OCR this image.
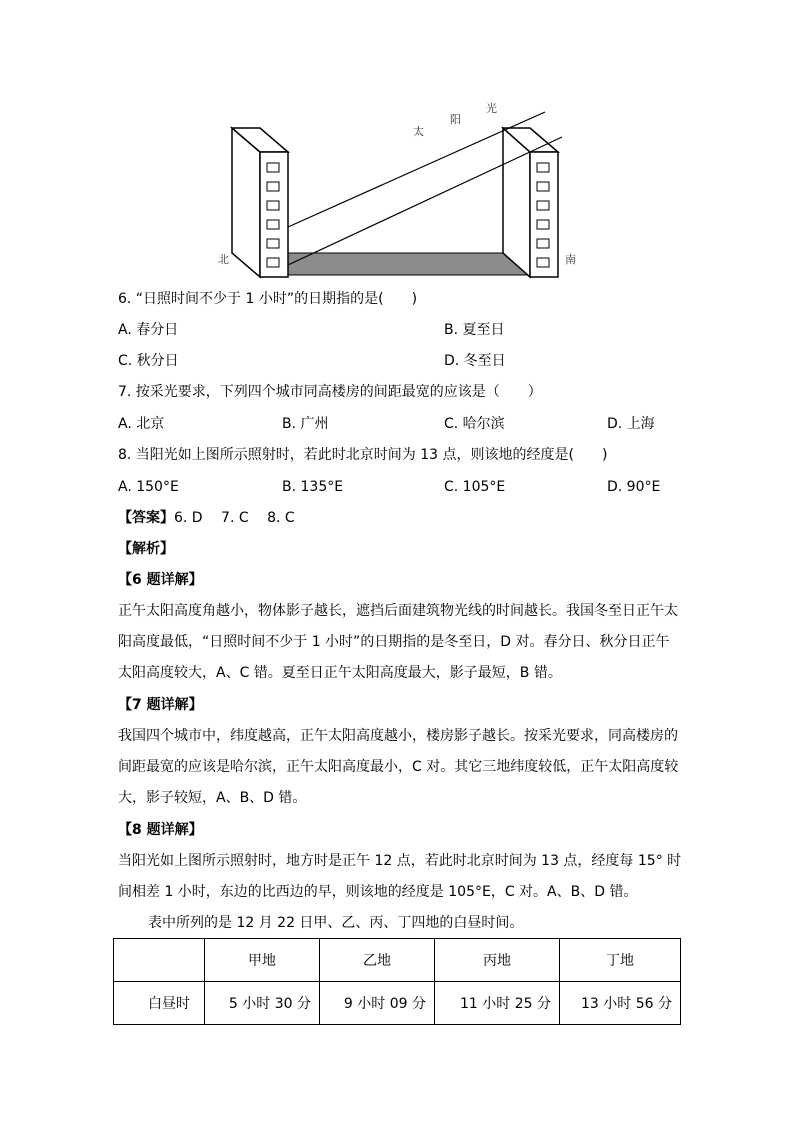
北	南
太
阳
光
6. “日照时间不少于 1 小时”的日期指的是(　　)
A. 春分日	B. 夏至日
C. 秋分日	D. 冬至日
7. 按采光要求，下列四个城市同高楼房的间距最宽的应该是（　　）
A. 北京	B. 广州	C. 哈尔滨	D. 上海
8. 当阳光如上图所示照射时，若此时北京时间为 13 点，则该地的经度是(　　)
A. 150°E	B. 135°E	C. 105°E	D. 90°E
【答案】6. D　 7. C　 8. C
【解析】
【6 题详解】
正午太阳高度角越小，物体影子越长，遮挡后面建筑物光线的时间越长。我国冬至日正午太阳高度最低，“日照时间不少于 1 小时”的日期指的是冬至日，D 对。春分日、秋分日正午太阳高度较大，A、C 错。夏至日正午太阳高度最大，影子最短，B 错。
【7 题详解】
我国四个城市中，纬度越高，正午太阳高度越小，楼房影子越长。按采光要求，同高楼房的间距最宽的应该是哈尔滨，正午太阳高度最小，C 对。其它三地纬度较低，正午太阳高度较大，影子较短，A、B、D 错。
【8 题详解】
当阳光如上图所示照射时，地方时是正午 12 点，若此时北京时间为 13 点，经度每 15° 时间相差 1 小时，东边的比西边的早，则该地的经度是 105°E，C 对。A、B、D 错。
表中所列的是 12 月 22 日甲、乙、丙、丁四地的白昼时间。
	甲地	乙地	丙地	丁地
白昼时	5 小时 30 分	9 小时 09 分	11 小时 25 分	13 小时 56 分
